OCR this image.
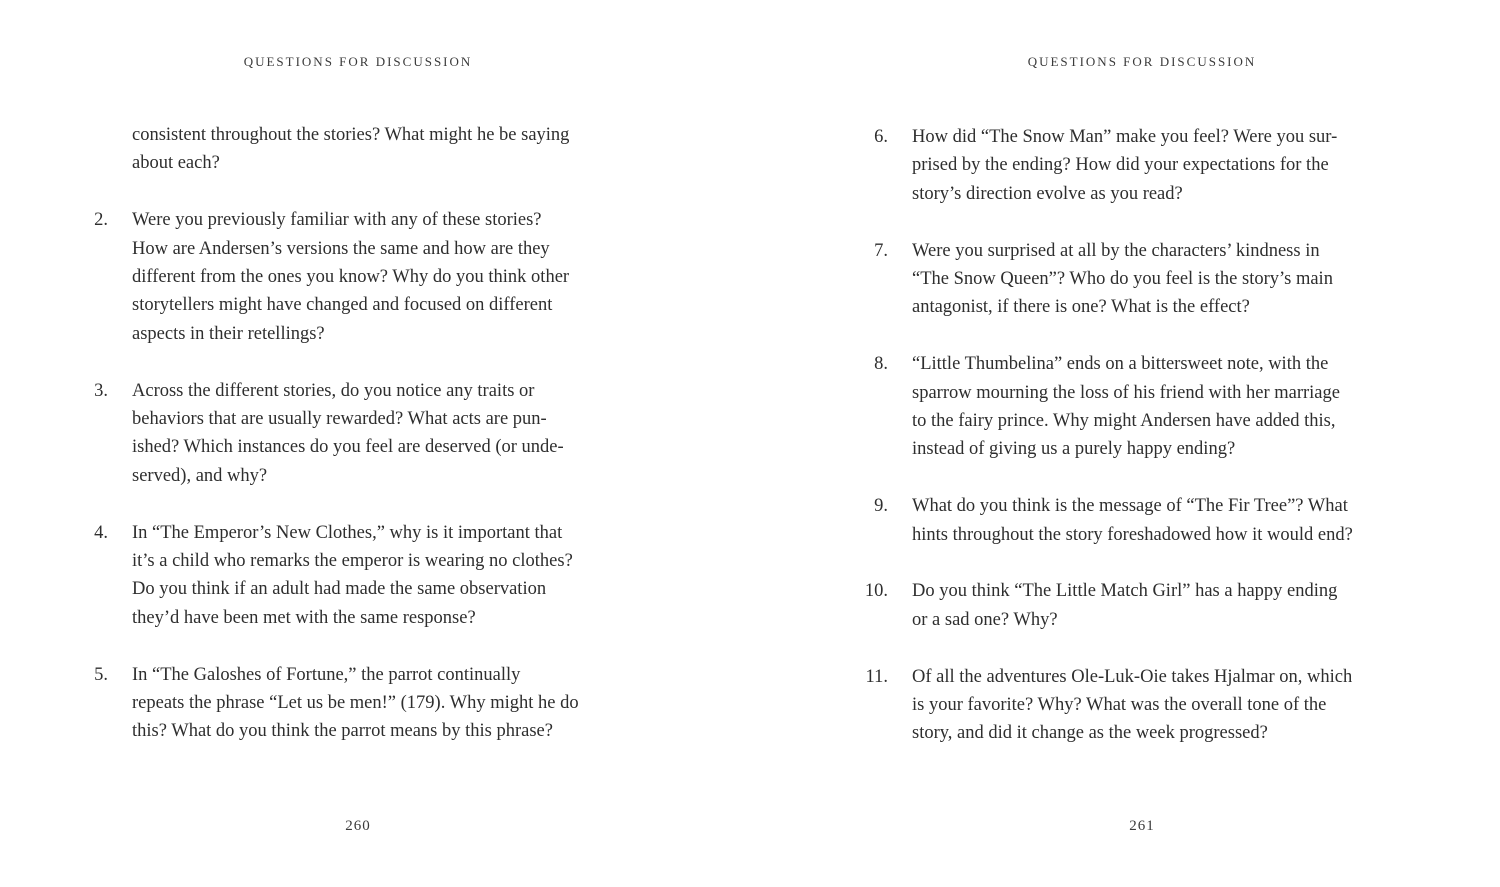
QUESTIONS FOR DISCUSSION

consistent throughout the stories? What might he be saying
about each?

2. Were you previously familiar with any of these stories?
How are Andersen’s versions the same and how are they
different from the ones you know? Why do you think other
storytellers might have changed and focused on different
aspects in their retellings?
3. Across the different stories, do you notice any traits or
behaviors that are usually rewarded? What acts are pun-
ished? Which instances do you feel are deserved (or unde-
served), and why?
4. In “The Emperor’s New Clothes,” why is it important that
it’s a child who remarks the emperor is wearing no clothes?
Do you think if an adult had made the same observation
they’d have been met with the same response?
5. In “The Galoshes of Fortune,” the parrot continually
repeats the phrase “Let us be men!” (179). Why might he do
this? What do you think the parrot means by this phrase?
260
QUESTIONS FOR DISCUSSION
6. How did “The Snow Man” make you feel? Were you sur-
prised by the ending? How did your expectations for the
story’s direction evolve as you read?
7. Were you surprised at all by the characters’ kindness in
“The Snow Queen”? Who do you feel is the story’s main
antagonist, if there is one? What is the effect?
8. “Little Thumbelina” ends on a bittersweet note, with the
sparrow mourning the loss of his friend with her marriage
to the fairy prince. Why might Andersen have added this,
instead of giving us a purely happy ending?
9. What do you think is the message of “The Fir Tree”? What
hints throughout the story foreshadowed how it would end?
10. Do you think “The Little Match Girl” has a happy ending
or a sad one? Why?
11. Of all the adventures Ole-Luk-Oie takes Hjalmar on, which
is your favorite? Why? What was the overall tone of the
story, and did it change as the week progressed?
261
